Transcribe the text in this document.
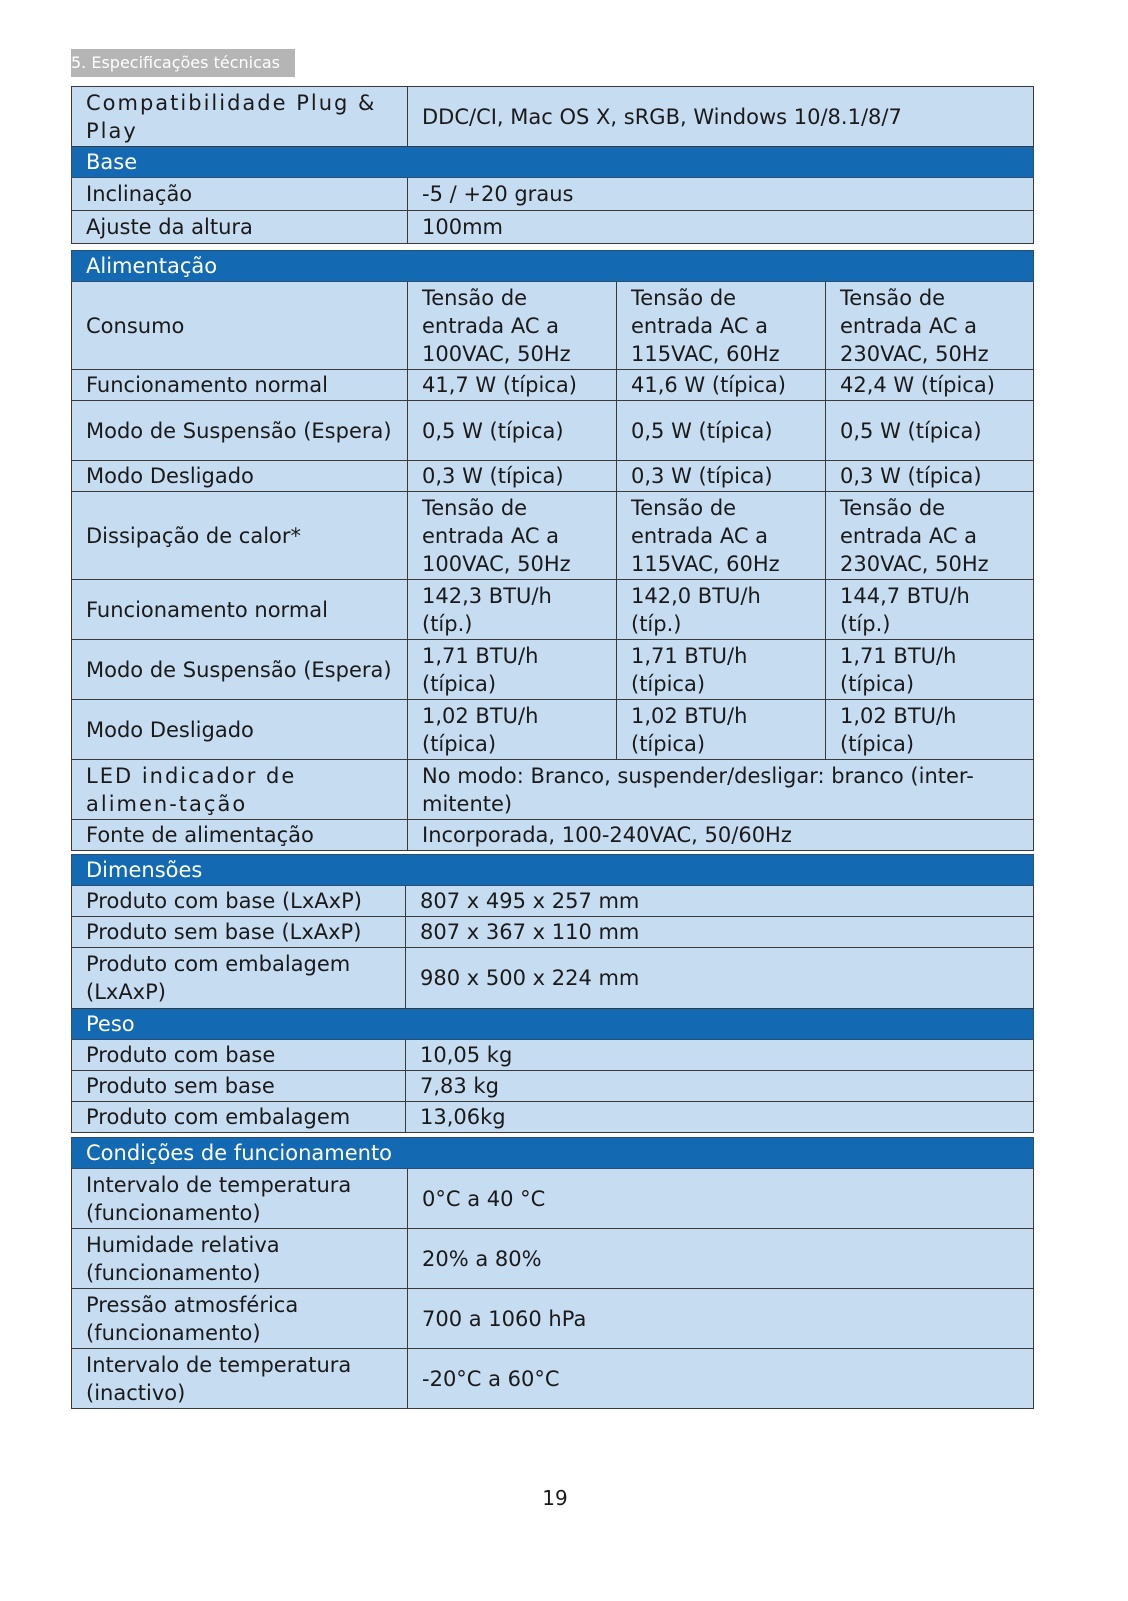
5. Especificações técnicas
Compatibilidade Plug & Play	DDC/CI, Mac OS X, sRGB, Windows 10/8.1/8/7
Base	
Inclinação	-5 / +20 graus
Ajuste da altura	100mm
Alimentação			
Consumo	Tensão de entrada AC a 100VAC, 50Hz	Tensão de entrada AC a 115VAC, 60Hz	Tensão de entrada AC a 230VAC, 50Hz
Funcionamento normal	41,7 W (típica)	41,6 W (típica)	42,4 W (típica)
Modo de Suspensão (Espera)	0,5 W (típica)	0,5 W (típica)	0,5 W (típica)
Modo Desligado	0,3 W (típica)	0,3 W (típica)	0,3 W (típica)
Dissipação de calor*	Tensão de entrada AC a 100VAC, 50Hz	Tensão de entrada AC a 115VAC, 60Hz	Tensão de entrada AC a 230VAC, 50Hz
Funcionamento normal	142,3 BTU/h (típ.)	142,0 BTU/h (típ.)	144,7 BTU/h (típ.)
Modo de Suspensão (Espera)	1,71 BTU/h (típica)	1,71 BTU/h (típica)	1,71 BTU/h (típica)
Modo Desligado	1,02 BTU/h (típica)	1,02 BTU/h (típica)	1,02 BTU/h (típica)
LED indicador de alimen-tação	No modo: Branco, suspender/desligar: branco (inter-mitente)		
Fonte de alimentação	Incorporada, 100-240VAC, 50/60Hz		
Dimensões	
Produto com base (LxAxP)	807 x 495 x 257 mm
Produto sem base (LxAxP)	807 x 367 x 110 mm
Produto com embalagem (LxAxP)	980 x 500 x 224 mm
Peso	
Produto com base	10,05 kg
Produto sem base	7,83 kg
Produto com embalagem	13,06kg
Condições de funcionamento	
Intervalo de temperatura (funcionamento)	0°C a 40 °C
Humidade relativa (funcionamento)	20% a 80%
Pressão atmosférica (funcionamento)	700 a 1060 hPa
Intervalo de temperatura (inactivo)	-20°C a 60°C
19
